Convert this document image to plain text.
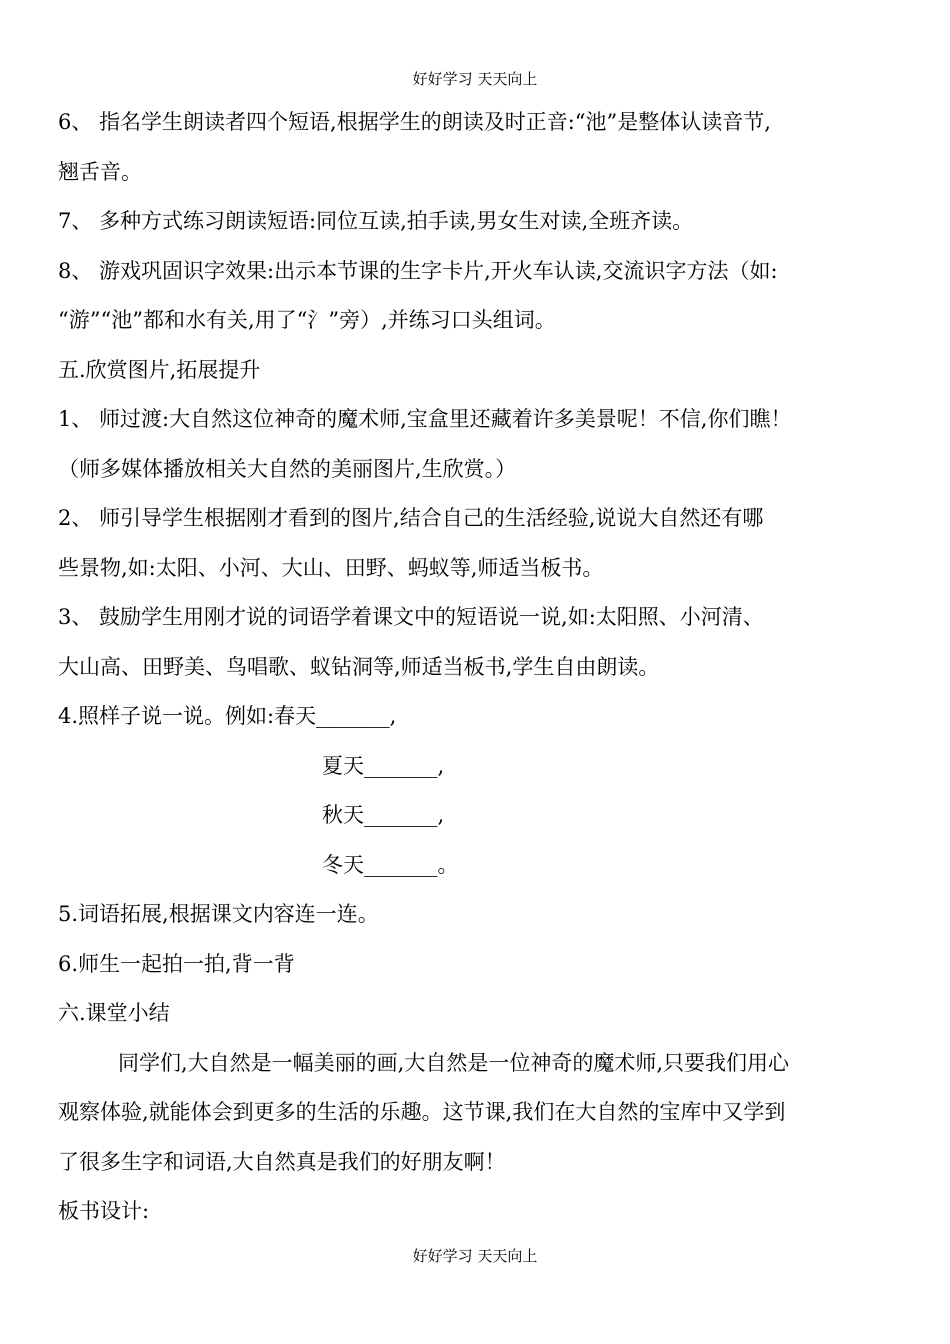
好好学习 天天向上
6、 指名学生朗读者四个短语,根据学生的朗读及时正音:“池”是整体认读音节,
翘舌音。
7、 多种方式练习朗读短语:同位互读,拍手读,男女生对读,全班齐读。
8、 游戏巩固识字效果:出示本节课的生字卡片,开火车认读,交流识字方法（如:
“游”“池”都和水有关,用了“氵”旁）,并练习口头组词。
五.欣赏图片,拓展提升
1、 师过渡:大自然这位神奇的魔术师,宝盒里还藏着许多美景呢！不信,你们瞧！
（师多媒体播放相关大自然的美丽图片,生欣赏。）
2、 师引导学生根据刚才看到的图片,结合自己的生活经验,说说大自然还有哪
些景物,如:太阳、小河、大山、田野、蚂蚁等,师适当板书。
3、 鼓励学生用刚才说的词语学着课文中的短语说一说,如:太阳照、小河清、
大山高、田野美、鸟唱歌、蚁钻洞等,师适当板书,学生自由朗读。
4.照样子说一说。例如:春天_______,
夏天_______,
秋天_______,
冬天_______。
5.词语拓展,根据课文内容连一连。
6.师生一起拍一拍,背一背
六.课堂小结
同学们,大自然是一幅美丽的画,大自然是一位神奇的魔术师,只要我们用心
观察体验,就能体会到更多的生活的乐趣。这节课,我们在大自然的宝库中又学到
了很多生字和词语,大自然真是我们的好朋友啊！
板书设计:
好好学习 天天向上
